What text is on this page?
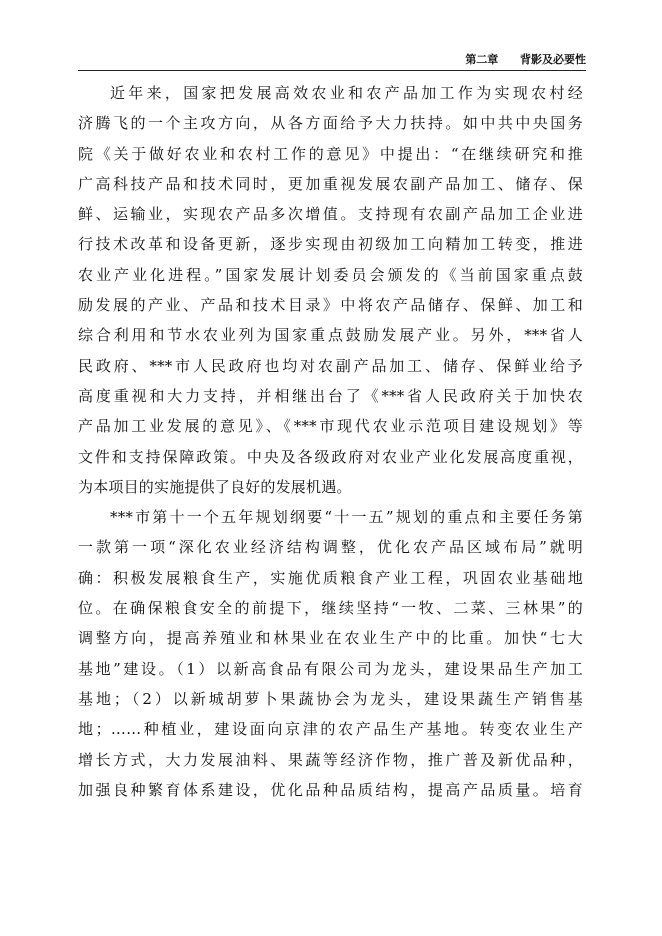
第二章 背影及必要性
近年来，国家把发展高效农业和农产品加工作为实现农村经
济腾飞的一个主攻方向，从各方面给予大力扶持。如中共中央国务
院《关于做好农业和农村工作的意见》中提出：“在继续研究和推
广高科技产品和技术同时，更加重视发展农副产品加工、储存、保
鲜、运输业，实现农产品多次增值。支持现有农副产品加工企业进
行技术改革和设备更新，逐步实现由初级加工向精加工转变，推进
农业产业化进程。”国家发展计划委员会颁发的《当前国家重点鼓
励发展的产业、产品和技术目录》中将农产品储存、保鲜、加工和
综合利用和节水农业列为国家重点鼓励发展产业。另外，***省人
民政府、***市人民政府也均对农副产品加工、储存、保鲜业给予
高度重视和大力支持，并相继出台了《***省人民政府关于加快农
产品加工业发展的意见》、《***市现代农业示范项目建设规划》等
文件和支持保障政策。中央及各级政府对农业产业化发展高度重视，
为本项目的实施提供了良好的发展机遇。
***市第十一个五年规划纲要“十一五”规划的重点和主要任务第
一款第一项“深化农业经济结构调整，优化农产品区域布局”就明
确：积极发展粮食生产，实施优质粮食产业工程，巩固农业基础地
位。在确保粮食安全的前提下，继续坚持“一牧、二菜、三林果”的
调整方向，提高养殖业和林果业在农业生产中的比重。加快“七大
基地”建设。（1）以新高食品有限公司为龙头，建设果品生产加工
基地；（2）以新城胡萝卜果蔬协会为龙头，建设果蔬生产销售基
地；……种植业，建设面向京津的农产品生产基地。转变农业生产
增长方式，大力发展油料、果蔬等经济作物，推广普及新优品种，
加强良种繁育体系建设，优化品种品质结构，提高产品质量。培育
